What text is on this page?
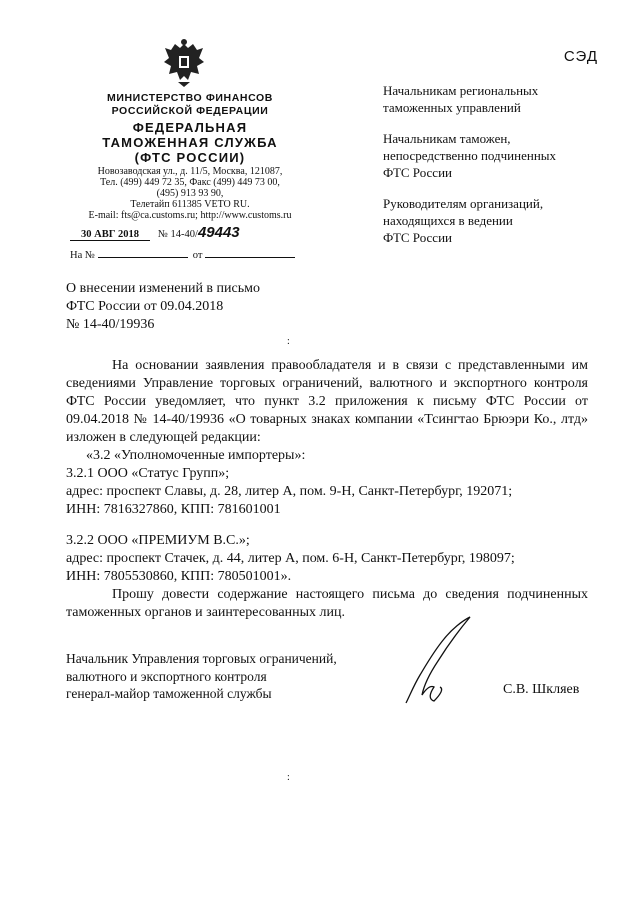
СЭД
МИНИСТЕРСТВО ФИНАНСОВ
РОССИЙСКОЙ ФЕДЕРАЦИИ
ФЕДЕРАЛЬНАЯ
ТАМОЖЕННАЯ СЛУЖБА
(ФТС РОССИИ)
Новозаводская ул., д. 11/5, Москва, 121087,
Тел. (499) 449 72 35, Факс (499) 449 73 00,
(495) 913 93 90,
Телетайп 611385 VETO RU.
E-mail: fts@ca.customs.ru; http://www.customs.ru
30 АВГ 2018 № 14-40/49443
На №	от

Начальникам региональных
таможенных управлений

Начальникам таможен,
непосредственно подчиненных
ФТС России

Руководителям организаций,
находящихся в ведении
ФТС России

О внесении изменений в письмо
ФТС России от 09.04.2018
№ 14-40/19936
:

На основании заявления правообладателя и в связи с представленными им сведениями Управление торговых ограничений, валютного и экспортного контроля ФТС России уведомляет, что пункт 3.2 приложения к письму ФТС России от 09.04.2018 № 14-40/19936 «О товарных знаках компании «Тсингтао Брюэри Ко., лтд» изложен в следующей редакции:

«3.2 «Уполномоченные импортеры»:

3.2.1 ООО «Статус Групп»;

адрес: проспект Славы, д. 28, литер А, пом. 9-Н, Санкт-Петербург, 192071;

ИНН: 7816327860, КПП: 781601001

3.2.2 ООО «ПРЕМИУМ В.С.»;

адрес: проспект Стачек, д. 44, литер А, пом. 6-Н, Санкт-Петербург, 198097;

ИНН: 7805530860, КПП: 780501001».

Прошу довести содержание настоящего письма до сведения подчиненных таможенных органов и заинтересованных лиц.

Начальник Управления торговых ограничений,
валютного и экспортного контроля
генерал-майор таможенной службы	С.В. Шкляев
:
